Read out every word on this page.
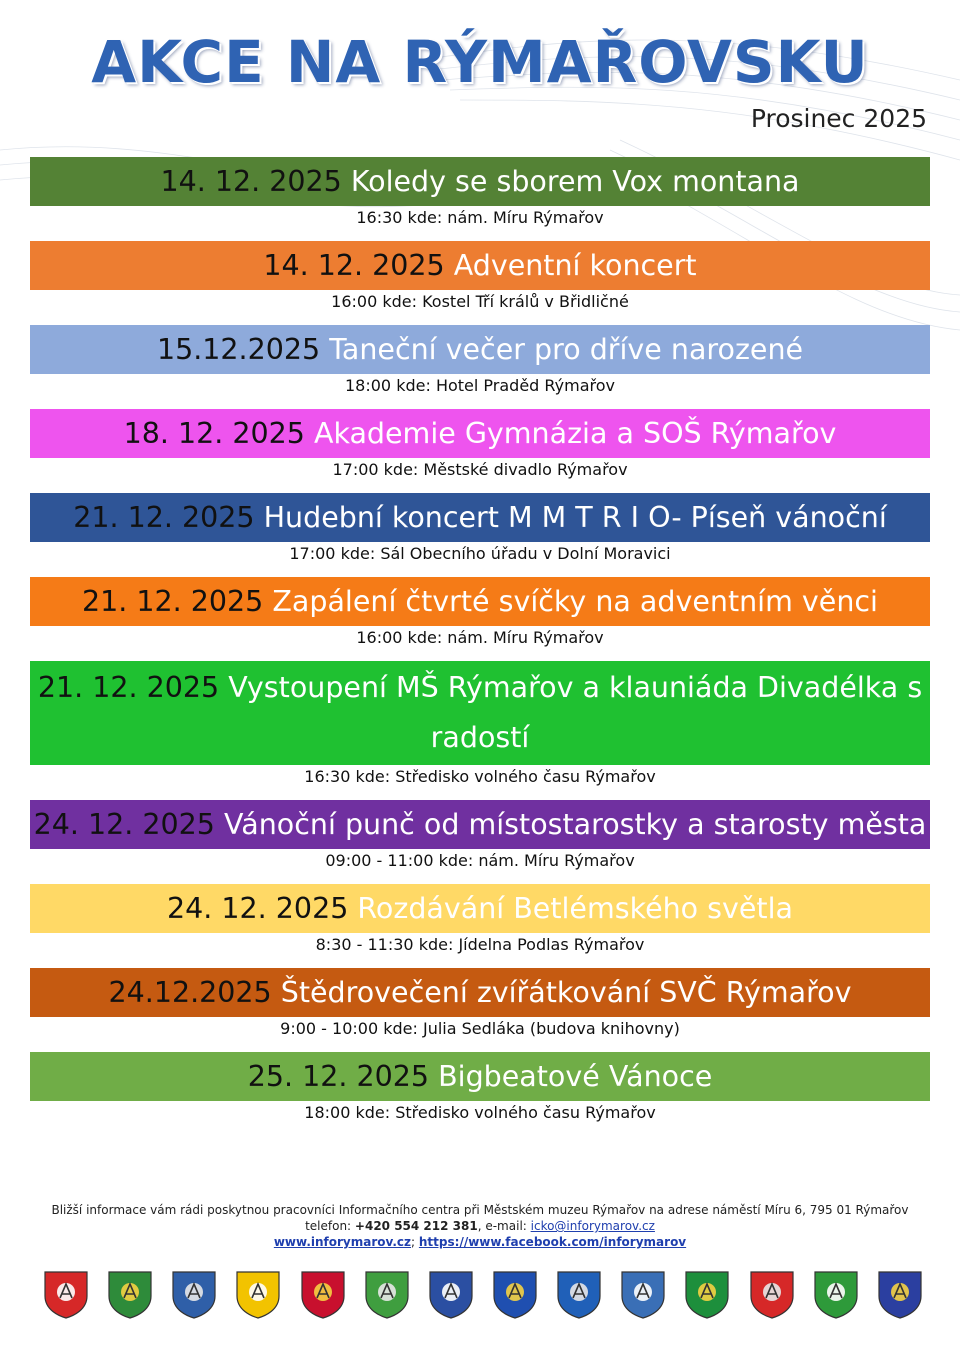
AKCE NA RÝMAŘOVSKU
Prosinec 2025
14. 12. 2025 Koledy se sborem Vox montana
16:30 kde: nám. Míru Rýmařov
14. 12. 2025 Adventní koncert
16:00 kde: Kostel Tří králů v Břidličné
15.12.2025 Taneční večer pro dříve narozené
18:00 kde: Hotel Praděd Rýmařov
18. 12. 2025 Akademie Gymnázia a SOŠ Rýmařov
17:00 kde: Městské divadlo Rýmařov
21. 12. 2025 Hudební koncert M M T R I O- Píseň vánoční
17:00 kde: Sál Obecního úřadu v Dolní Moravici
21. 12. 2025 Zapálení čtvrté svíčky na adventním věnci
16:00 kde: nám. Míru Rýmařov
21. 12. 2025 Vystoupení MŠ Rýmařov a klauniáda Divadélka s radostí
16:30 kde: Středisko volného času Rýmařov
24. 12. 2025 Vánoční punč od místostarostky a starosty města
09:00 - 11:00 kde: nám. Míru Rýmařov
24. 12. 2025 Rozdávání Betlémského světla
8:30 - 11:30 kde: Jídelna Podlas Rýmařov
24.12.2025 Štědrovečení zvířátkování SVČ Rýmařov
9:00 - 10:00 kde: Julia Sedláka (budova knihovny)
25. 12. 2025 Bigbeatové Vánoce
18:00 kde: Středisko volného času Rýmařov
Bližší informace vám rádi poskytnou pracovníci Informačního centra při Městském muzeu Rýmařov na adrese náměstí Míru 6, 795 01 Rýmařov
telefon: +420 554 212 381, e-mail: icko@inforymarov.cz
www.inforymarov.cz; https://www.facebook.com/inforymarov
